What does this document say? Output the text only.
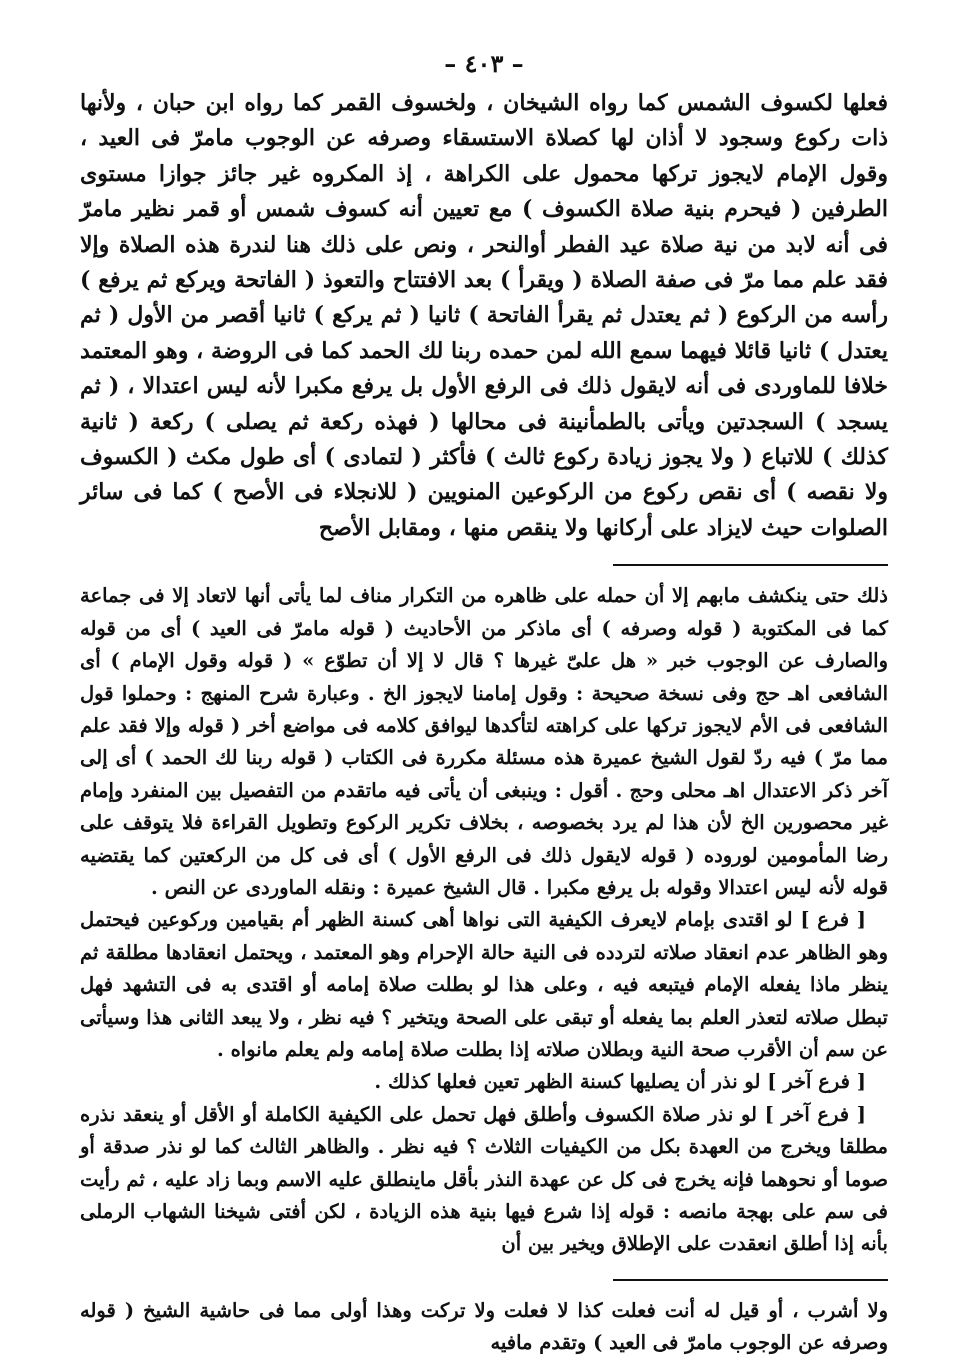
– ٤٠٣ –

فعلها لكسوف الشمس كما رواه الشيخان ، ولخسوف القمر كما رواه ابن حبان ، ولأنها ذات ركوع وسجود لا أذان لها كصلاة الاستسقاء وصرفه عن الوجوب مامرّ فى العيد ، وقول الإمام لايجوز تركها محمول على الكراهة ، إذ المكروه غير جائز جوازا مستوى الطرفين ( فيحرم بنية صلاة الكسوف ) مع تعيين أنه كسوف شمس أو قمر نظير مامرّ فى أنه لابد من نية صلاة عيد الفطر أوالنحر ، ونص على ذلك هنا لندرة هذه الصلاة وإلا فقد علم مما مرّ فى صفة الصلاة ( ويقرأ ) بعد الافتتاح والتعوذ ( الفاتحة ويركع ثم يرفع ) رأسه من الركوع ( ثم يعتدل ثم يقرأ الفاتحة ) ثانيا ( ثم يركع ) ثانيا أقصر من الأول ( ثم يعتدل ) ثانيا قائلا فيهما سمع الله لمن حمده ربنا لك الحمد كما فى الروضة ، وهو المعتمد خلافا للماوردى فى أنه لايقول ذلك فى الرفع الأول بل يرفع مكبرا لأنه ليس اعتدالا ، ( ثم يسجد ) السجدتين ويأتى بالطمأنينة فى محالها ( فهذه ركعة ثم يصلى ) ركعة ( ثانية كذلك ) للاتباع ( ولا يجوز زيادة ركوع ثالث ) فأكثر ( لتمادى ) أى طول مكث ( الكسوف ولا نقصه ) أى نقص ركوع من الركوعين المنويين ( للانجلاء فى الأصح ) كما فى سائر الصلوات حيث لايزاد على أركانها ولا ينقص منها ، ومقابل الأصح

ذلك حتى ينكشف مابهم إلا أن حمله على ظاهره من التكرار مناف لما يأتى أنها لاتعاد إلا فى جماعة كما فى المكتوبة ( قوله وصرفه ) أى ماذكر من الأحاديث ( قوله مامرّ فى العيد ) أى من قوله والصارف عن الوجوب خبر « هل علىّ غيرها ؟ قال لا إلا أن تطوّع » ( قوله وقول الإمام ) أى الشافعى اهـ حج وفى نسخة صحيحة : وقول إمامنا لايجوز الخ . وعبارة شرح المنهج : وحملوا قول الشافعى فى الأم لايجوز تركها على كراهته لتأكدها ليوافق كلامه فى مواضع أخر ( قوله وإلا فقد علم مما مرّ ) فيه ردّ لقول الشيخ عميرة هذه مسئلة مكررة فى الكتاب ( قوله ربنا لك الحمد ) أى إلى آخر ذكر الاعتدال اهـ محلى وحج . أقول : وينبغى أن يأتى فيه ماتقدم من التفصيل بين المنفرد وإمام غير محصورين الخ لأن هذا لم يرد بخصوصه ، بخلاف تكرير الركوع وتطويل القراءة فلا يتوقف على رضا المأمومين لوروده ( قوله لايقول ذلك فى الرفع الأول ) أى فى كل من الركعتين كما يقتضيه قوله لأنه ليس اعتدالا وقوله بل يرفع مكبرا . قال الشيخ عميرة : ونقله الماوردى عن النص .

[ فرع ] لو اقتدى بإمام لايعرف الكيفية التى نواها أهى كسنة الظهر أم بقيامين وركوعين فيحتمل وهو الظاهر عدم انعقاد صلاته لتردده فى النية حالة الإحرام وهو المعتمد ، ويحتمل انعقادها مطلقة ثم ينظر ماذا يفعله الإمام فيتبعه فيه ، وعلى هذا لو بطلت صلاة إمامه أو اقتدى به فى التشهد فهل تبطل صلاته لتعذر العلم بما يفعله أو تبقى على الصحة ويتخير ؟ فيه نظر ، ولا يبعد الثانى هذا وسيأتى عن سم أن الأقرب صحة النية وبطلان صلاته إذا بطلت صلاة إمامه ولم يعلم مانواه .

[ فرع آخر ] لو نذر أن يصليها كسنة الظهر تعين فعلها كذلك .

[ فرع آخر ] لو نذر صلاة الكسوف وأطلق فهل تحمل على الكيفية الكاملة أو الأقل أو ينعقد نذره مطلقا ويخرج من العهدة بكل من الكيفيات الثلاث ؟ فيه نظر . والظاهر الثالث كما لو نذر صدقة أو صوما أو نحوهما فإنه يخرج فى كل عن عهدة النذر بأقل ماينطلق عليه الاسم وبما زاد عليه ، ثم رأيت فى سم على بهجة مانصه : قوله إذا شرع فيها بنية هذه الزيادة ، لكن أفتى شيخنا الشهاب الرملى بأنه إذا أطلق انعقدت على الإطلاق ويخير بين أن

ولا أشرب ، أو قيل له أنت فعلت كذا لا فعلت ولا تركت وهذا أولى مما فى حاشية الشيخ ( قوله وصرفه عن الوجوب مامرّ فى العيد ) وتقدم مافيه
